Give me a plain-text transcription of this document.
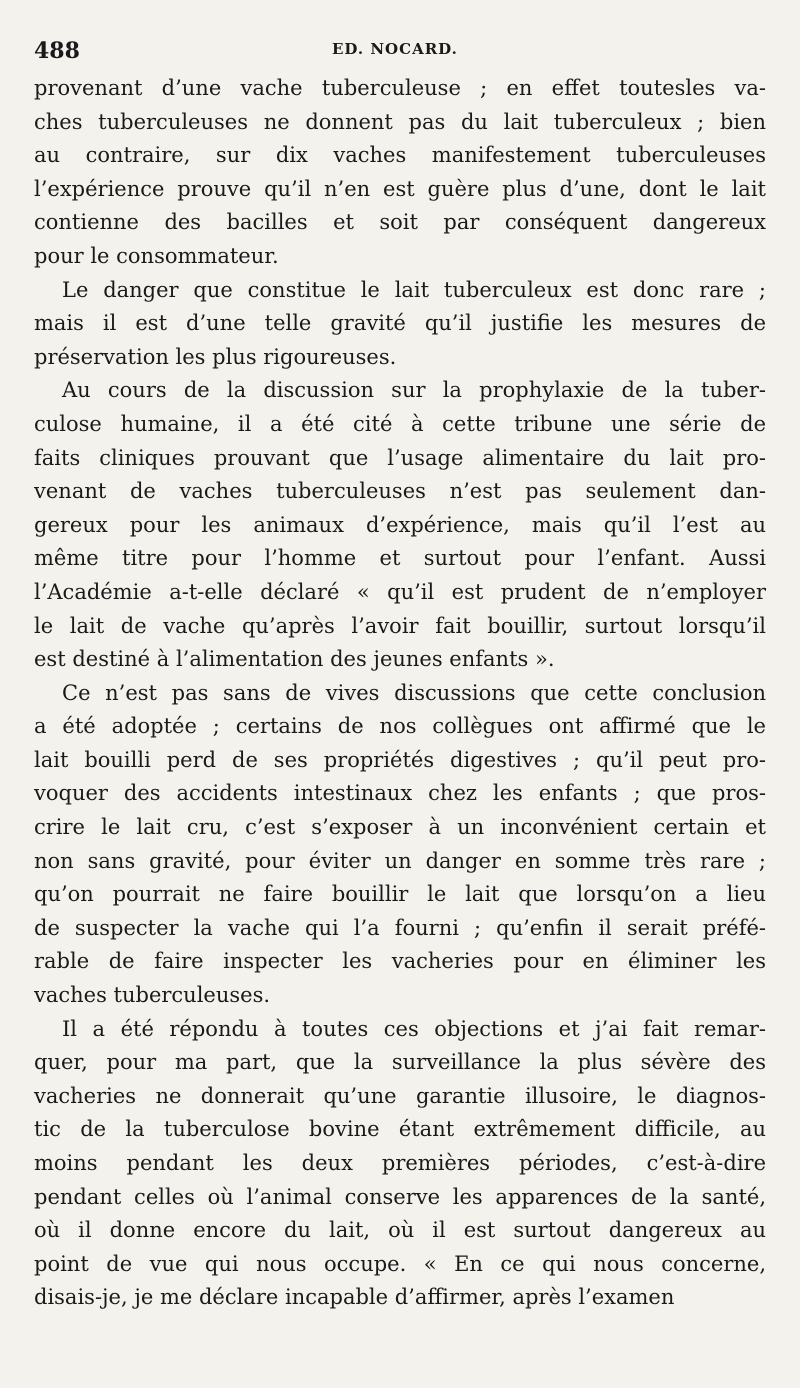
488	ED. NOCARD.
provenant d’une vache tuberculeuse ; en effet toutesles va-
ches tuberculeuses ne donnent pas du lait tuberculeux ; bien
au contraire, sur dix vaches manifestement tuberculeuses
l’expérience prouve qu’il n’en est guère plus d’une, dont le lait
contienne des bacilles et soit par conséquent dangereux
pour le consommateur.
Le danger que constitue le lait tuberculeux est donc rare ;
mais il est d’une telle gravité qu’il justifie les mesures de
préservation les plus rigoureuses.
Au cours de la discussion sur la prophylaxie de la tuber-
culose humaine, il a été cité à cette tribune une série de
faits cliniques prouvant que l’usage alimentaire du lait pro-
venant de vaches tuberculeuses n’est pas seulement dan-
gereux pour les animaux d’expérience, mais qu’il l’est au
même titre pour l’homme et surtout pour l’enfant. Aussi
l’Académie a-t-elle déclaré « qu’il est prudent de n’employer
le lait de vache qu’après l’avoir fait bouillir, surtout lorsqu’il
est destiné à l’alimentation des jeunes enfants ».
Ce n’est pas sans de vives discussions que cette conclusion
a été adoptée ; certains de nos collègues ont affirmé que le
lait bouilli perd de ses propriétés digestives ; qu’il peut pro-
voquer des accidents intestinaux chez les enfants ; que pros-
crire le lait cru, c’est s’exposer à un inconvénient certain et
non sans gravité, pour éviter un danger en somme très rare ;
qu’on pourrait ne faire bouillir le lait que lorsqu’on a lieu
de suspecter la vache qui l’a fourni ; qu’enfin il serait préfé-
rable de faire inspecter les vacheries pour en éliminer les
vaches tuberculeuses.
Il a été répondu à toutes ces objections et j’ai fait remar-
quer, pour ma part, que la surveillance la plus sévère des
vacheries ne donnerait qu’une garantie illusoire, le diagnos-
tic de la tuberculose bovine étant extrêmement difficile, au
moins pendant les deux premières périodes, c’est-à-dire
pendant celles où l’animal conserve les apparences de la santé,
où il donne encore du lait, où il est surtout dangereux au
point de vue qui nous occupe. « En ce qui nous concerne,
disais-je, je me déclare incapable d’affirmer, après l’examen
